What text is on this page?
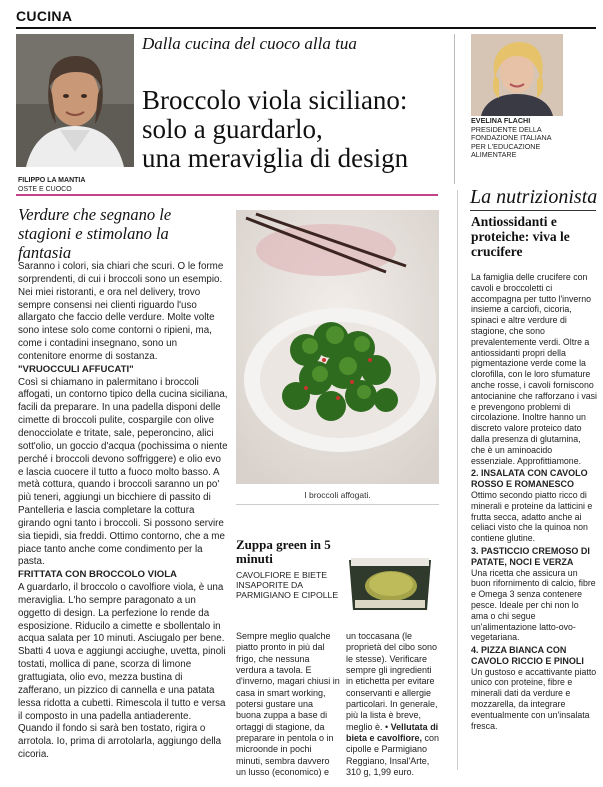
CUCINA
FILIPPO LA MANTIA
OSTE E CUOCO
Dalla cucina del cuoco alla tua
Broccolo viola siciliano:
solo a guardarlo,
una meraviglia di design
EVELINA FLACHI
PRESIDENTE DELLA FONDAZIONE ITALIANA PER L'EDUCAZIONE ALIMENTARE
Verdure che segnano le stagioni e stimolano la fantasia

Saranno i colori, sia chiari che scuri. O le forme sorprendenti, di cui i broccoli sono un esempio. Nei miei ristoranti, e ora nel delivery, trovo sempre consensi nei clienti riguardo l'uso allargato che faccio delle verdure. Molte volte sono intese solo come contorni o ripieni, ma, come i contadini insegnano, sono un contenitore enorme di sostanza.

"VRUOCCULI AFFUCATI"

Così si chiamano in palermitano i broccoli affogati, un contorno tipico della cucina siciliana, facili da preparare. In una padella disponi delle cimette di broccoli pulite, cospargile con olive denocciolate e tritate, sale, peperoncino, alici sott'olio, un goccio d'acqua (pochissima o niente perché i broccoli devono soffriggere) e olio evo e lascia cuocere il tutto a fuoco molto basso. A metà cottura, quando i broccoli saranno un po' più teneri, aggiungi un bicchiere di passito di Pantelleria e lascia completare la cottura girando ogni tanto i broccoli. Si possono servire sia tiepidi, sia freddi. Ottimo contorno, che a me piace tanto anche come condimento per la pasta.

FRITTATA CON BROCCOLO VIOLA

A guardarlo, il broccolo o cavolfiore viola, è una meraviglia. L'ho sempre paragonato a un oggetto di design. La perfezione lo rende da esposizione. Riducilo a cimette e sbollentalo in acqua salata per 10 minuti. Asciugalo per bene. Sbatti 4 uova e aggiungi acciughe, uvetta, pinoli tostati, mollica di pane, scorza di limone grattugiata, olio evo, mezza bustina di zafferano, un pizzico di cannella e una patata lessa ridotta a cubetti. Rimescola il tutto e versa il composto in una padella antiaderente. Quando il fondo si sarà ben tostato, rigira o arrotola. Io, prima di arrotolarla, aggiungo della cicoria.

I broccoli affogati.
Zuppa green in 5 minuti
CAVOLFIORE E BIETE INSAPORITE DA PARMIGIANO E CIPOLLE
Sempre meglio qualche piatto pronto in più dal frigo, che nessuna verdura a tavola. E d'inverno, magari chiusi in casa in smart working, potersi gustare una buona zuppa a base di ortaggi di stagione, da preparare in pentola o in microonde in pochi minuti, sembra davvero un lusso (economico) e
un toccasana (le proprietà del cibo sono le stesse). Verificare sempre gli ingredienti in etichetta per evitare conservanti e allergie particolari. In generale, più la lista è breve, meglio è. • Vellutata di bieta e cavolfiore, con cipolle e Parmigiano Reggiano, Insal'Arte, 310 g, 1,99 euro.
La nutrizionista
Antiossidanti e proteiche: viva le crucifere

La famiglia delle crucifere con cavoli e broccoletti ci accompagna per tutto l'inverno insieme a carciofi, cicoria, spinaci e altre verdure di stagione, che sono prevalentemente verdi. Oltre a antiossidanti propri della pigmentazione verde come la clorofilla, con le loro sfumature anche rosse, i cavoli forniscono antocianine che rafforzano i vasi e prevengono problemi di circolazione. Inoltre hanno un discreto valore proteico dato dalla presenza di glutamina, che è un aminoacido essenziale. Approfittiamone.

2. INSALATA CON CAVOLO ROSSO E ROMANESCO

Ottimo secondo piatto ricco di minerali e proteine da latticini e frutta secca, adatto anche ai celiaci visto che la quinoa non contiene glutine.

3. PASTICCIO CREMOSO DI PATATE, NOCI E VERZA

Una ricetta che assicura un buon rifornimento di calcio, fibre e Omega 3 senza contenere pesce. Ideale per chi non lo ama o chi segue un'alimentazione latto-ovo-vegetariana.

4. PIZZA BIANCA CON CAVOLO RICCIO E PINOLI

Un gustoso e accattivante piatto unico con proteine, fibre e minerali dati da verdure e mozzarella, da integrare eventualmente con un'insalata fresca.
